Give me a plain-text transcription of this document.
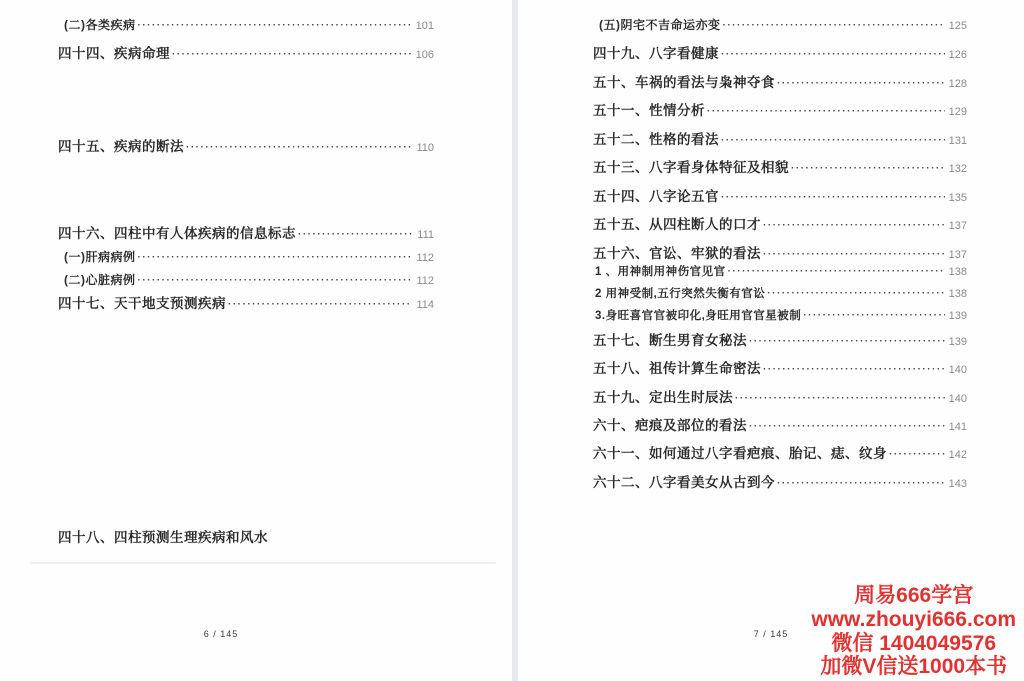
(二)各类疾病 ·····	101
四十四、疾病命理 ·····	106
四十五、疾病的断法 ·····	110
四十六、四柱中有人体疾病的信息标志 ·····	111
(一)肝病病例 ·····	112
(二)心脏病例 ·····	112
四十七、天干地支预测疾病 ·····	114
四十八、四柱预测生理疾病和风水
6 / 145
(五)阴宅不吉命运亦变 ·····	125
四十九、八字看健康 ·····	126
五十、车祸的看法与枭神夺食 ·····	128
五十一、性情分析 ·····	129
五十二、性格的看法 ·····	131
五十三、八字看身体特征及相貌 ·····	132
五十四、八字论五官 ·····	135
五十五、从四柱断人的口才 ·····	137
五十六、官讼、牢狱的看法 ·····	137
1 、用神制用神伤官见官 ·····	138
2 用神受制,五行突然失衡有官讼 ·····	138
3.身旺喜官官被印化,身旺用官官星被制 ·····	139
五十七、断生男育女秘法 ·····	139
五十八、祖传计算生命密法 ·····	140
五十九、定出生时辰法 ·····	140
六十、疤痕及部位的看法 ·····	141
六十一、如何通过八字看疤痕、胎记、痣、纹身 ·····	142
六十二、八字看美女从古到今 ·····	143
7 / 145
周易666学宫
www.zhouyi666.com
微信 1404049576
加微V信送1000本书
